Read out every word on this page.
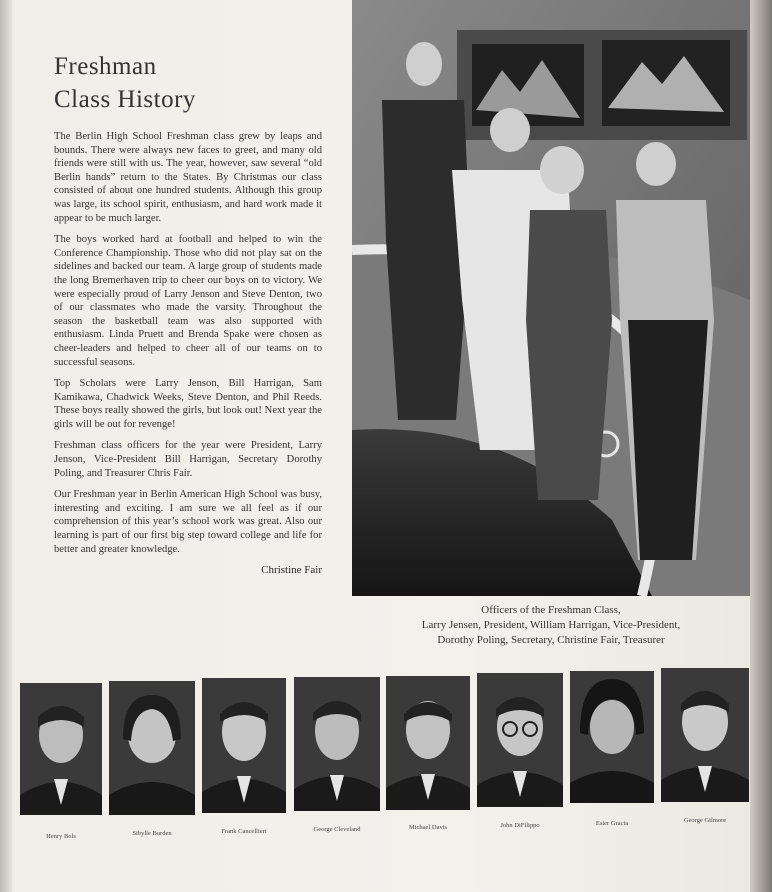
Freshman
Class History

The Berlin High School Freshman class grew by leaps and bounds. There were always new faces to greet, and many old friends were still with us. The year, however, saw several “old Berlin hands” return to the States. By Christmas our class consisted of about one hundred students. Although this group was large, its school spirit, enthusiasm, and hard work made it appear to be much larger.

The boys worked hard at football and helped to win the Conference Championship. Those who did not play sat on the sidelines and backed our team. A large group of students made the long Bremerhaven trip to cheer our boys on to victory. We were especially proud of Larry Jenson and Steve Denton, two of our classmates who made the varsity. Throughout the season the basketball team was also supported with enthusiasm. Linda Pruett and Brenda Spake were chosen as cheer-leaders and helped to cheer all of our teams on to successful seasons.

Top Scholars were Larry Jenson, Bill Harrigan, Sam Kamikawa, Chadwick Weeks, Steve Denton, and Phil Reeds. These boys really showed the girls, but look out! Next year the girls will be out for revenge!

Freshman class officers for the year were President, Larry Jenson, Vice-President Bill Harrigan, Secretary Dorothy Poling, and Treasurer Chris Fair.

Our Freshman year in Berlin American High School was busy, interesting and exciting. I am sure we all feel as if our comprehension of this year’s school work was great. Also our learning is part of our first big step toward college and life for better and greater knowledge.

Christine Fair
Officers of the Freshman Class,
Larry Jensen, President, William Harrigan, Vice-President,
Dorothy Poling, Secretary, Christine Fair, Treasurer
Henry Bols	Sibylle Burden	Frank Cancellieri	George Cleveland	Michael Davis	John DiFilippo	Ester Gracia	George Gilmore
